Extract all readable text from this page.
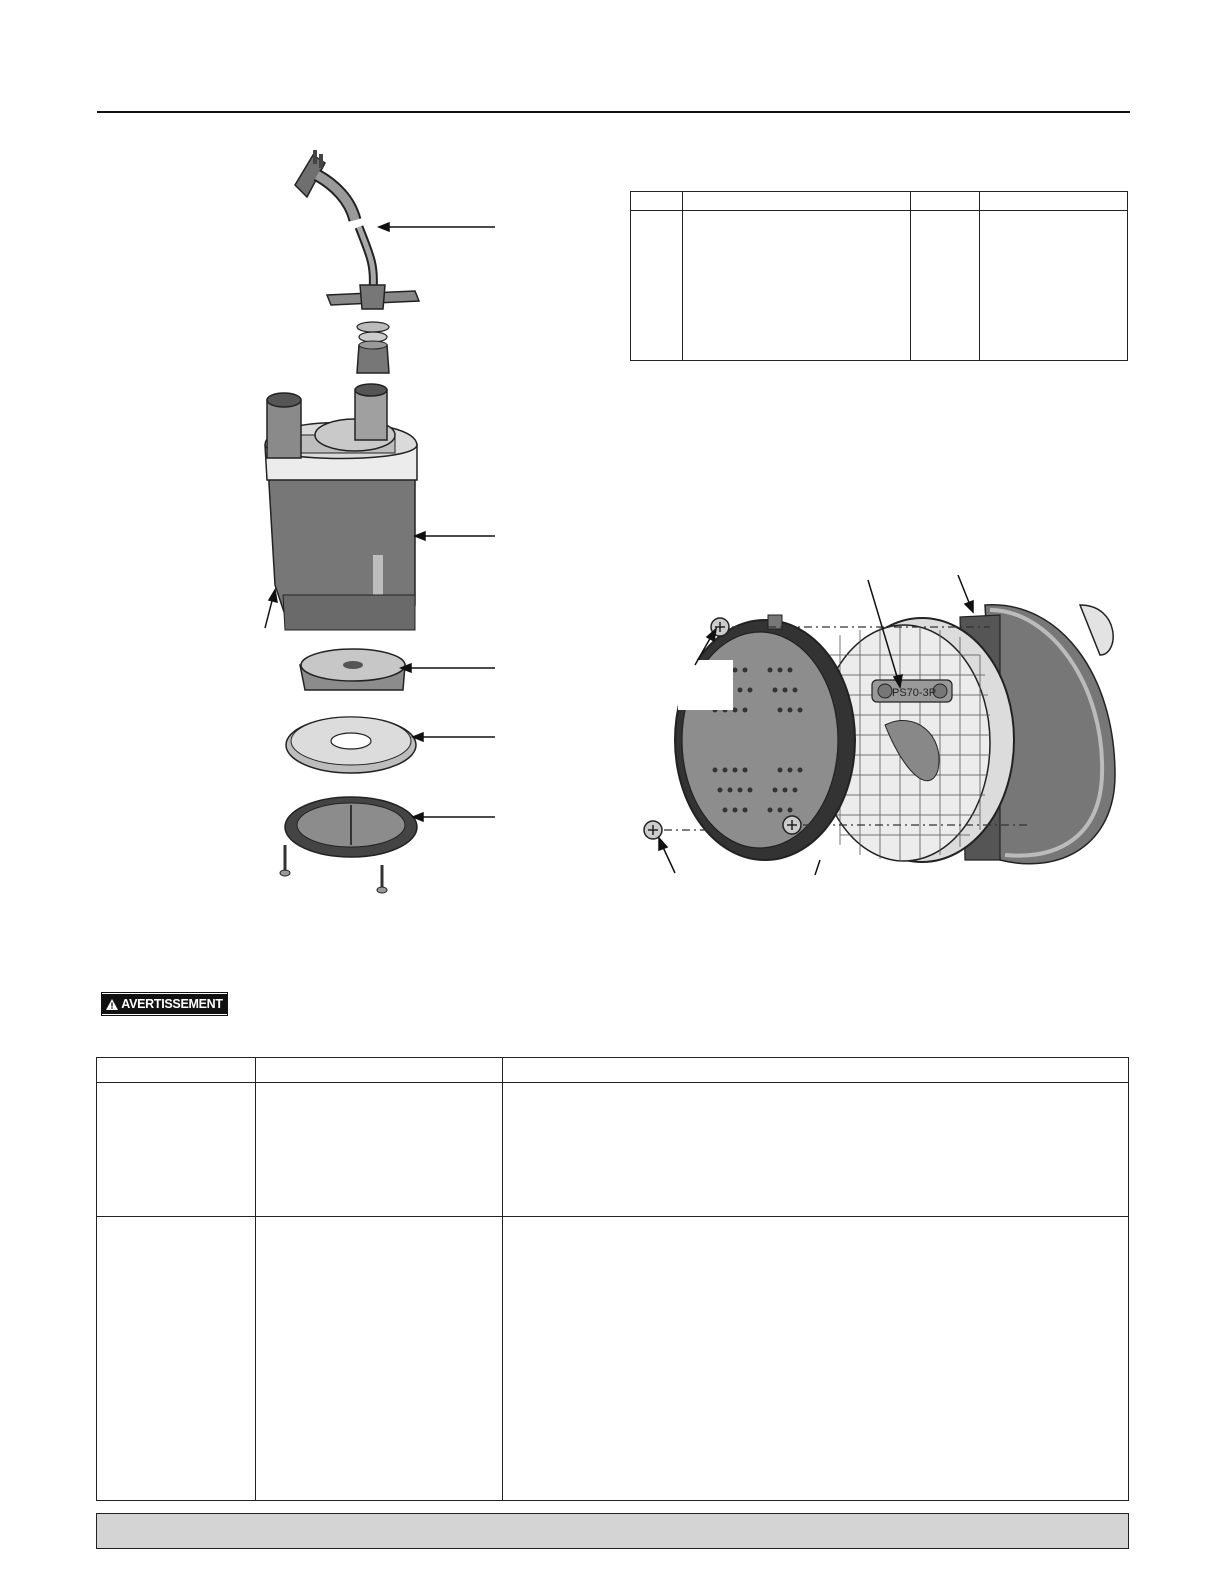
PS70-3P
AVERTISSEMENT
